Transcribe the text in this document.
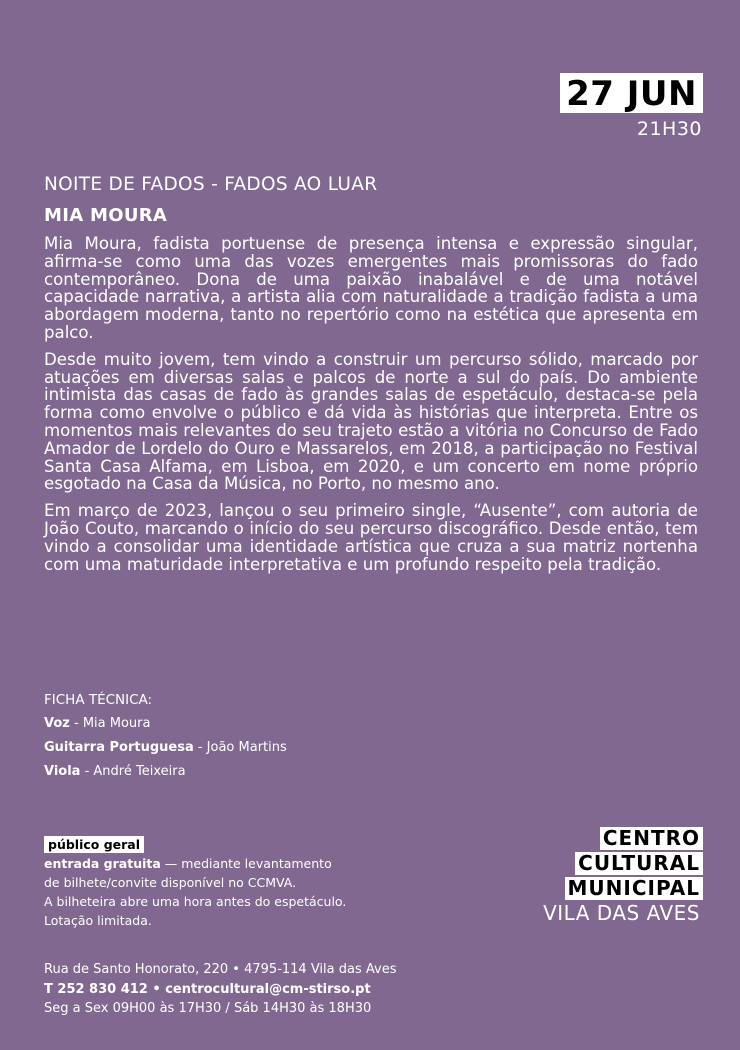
27 JUN
21H30
NOITE DE FADOS - FADOS AO LUAR
MIA MOURA

Mia Moura, fadista portuense de presença intensa e expressão singular, afirma-se como uma das vozes emergentes mais promissoras do fado contemporâneo. Dona de uma paixão inabalável e de uma notável capacidade narrativa, a artista alia com naturalidade a tradição fadista a uma abordagem moderna, tanto no repertório como na estética que apresenta em palco.

Desde muito jovem, tem vindo a construir um percurso sólido, marcado por atuações em diversas salas e palcos de norte a sul do país. Do ambiente intimista das casas de fado às grandes salas de espetáculo, destaca-se pela forma como envolve o público e dá vida às histórias que interpreta. Entre os momentos mais relevantes do seu trajeto estão a vitória no Concurso de Fado Amador de Lordelo do Ouro e Massarelos, em 2018, a participação no Festival Santa Casa Alfama, em Lisboa, em 2020, e um concerto em nome próprio esgotado na Casa da Música, no Porto, no mesmo ano.

Em março de 2023, lançou o seu primeiro single, “Ausente”, com autoria de João Couto, marcando o início do seu percurso discográfico. Desde então, tem vindo a consolidar uma identidade artística que cruza a sua matriz nortenha com uma maturidade interpretativa e um profundo respeito pela tradição.

FICHA TÉCNICA:
Voz - Mia Moura
Guitarra Portuguesa - João Martins
Viola - André Teixeira
público geral
entrada gratuita — mediante levantamento
de bilhete/convite disponível no CCMVA.
A bilheteira abre uma hora antes do espetáculo.
Lotação limitada.
CENTRO
CULTURAL
MUNICIPAL
VILA DAS AVES
Rua de Santo Honorato, 220 • 4795-114 Vila das Aves
T 252 830 412 • centrocultural@cm-stirso.pt
Seg a Sex 09H00 às 17H30 / Sáb 14H30 às 18H30
